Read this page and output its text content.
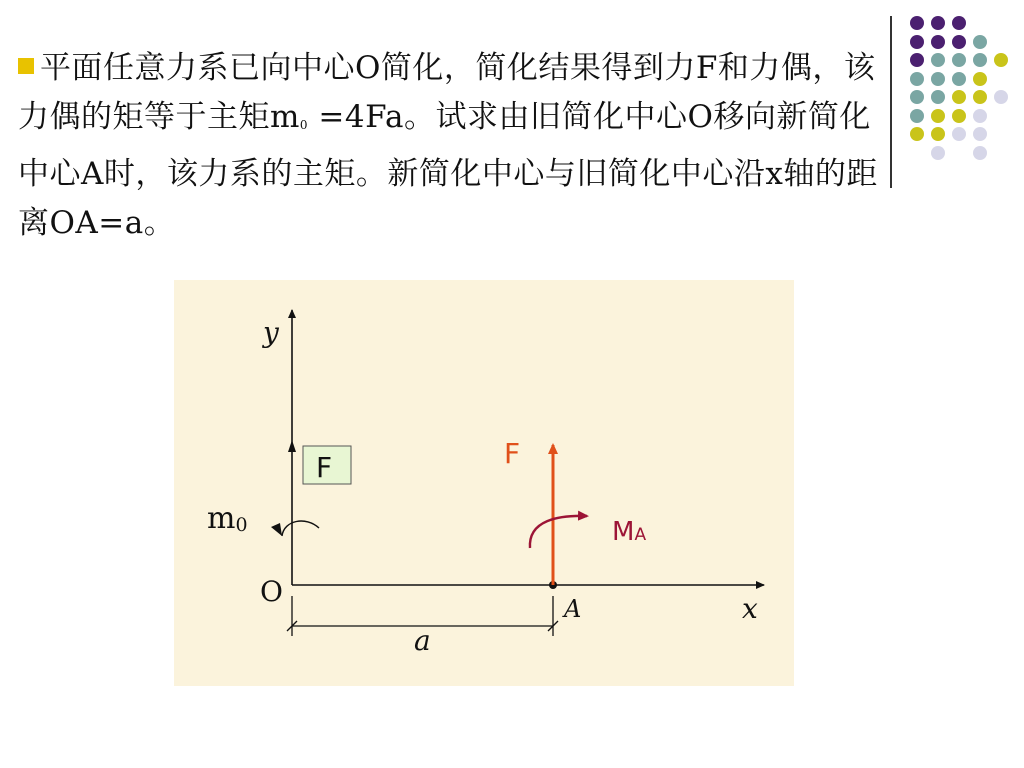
平面任意力系已向中心O简化，简化结果得到力F和力偶，该力偶的矩等于主矩m0 =4Fa。试求由旧简化中心O移向新简化中心A时，该力系的主矩。新简化中心与旧简化中心沿x轴的距离OA=a。
y
x
O
A
a
m0
F	F
MA
